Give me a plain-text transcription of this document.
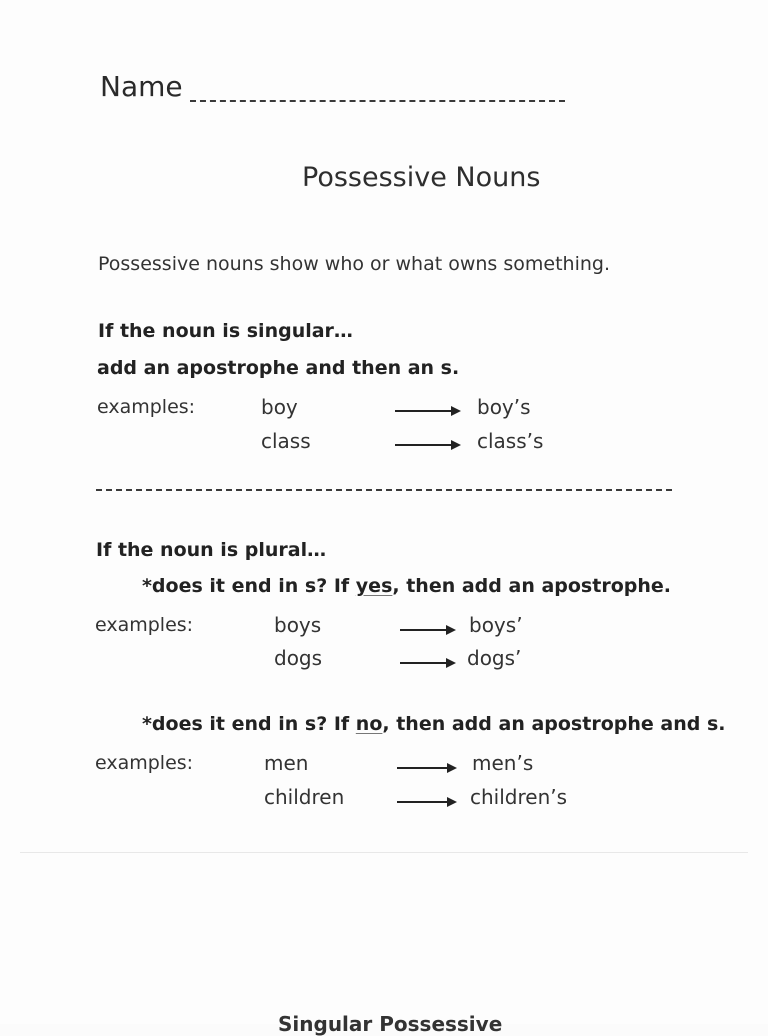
Name
Possessive Nouns
Possessive nouns show who or what owns something.
If the noun is singular…
add an apostrophe and then an s.
examples:	boy	boy’s
class	class’s
If the noun is plural…
*does it end in s? If yes, then add an apostrophe.
examples:	boys	boys’
dogs	dogs’
*does it end in s? If no, then add an apostrophe and s.
examples:	men	men’s
children	children’s
Singular Possessive
